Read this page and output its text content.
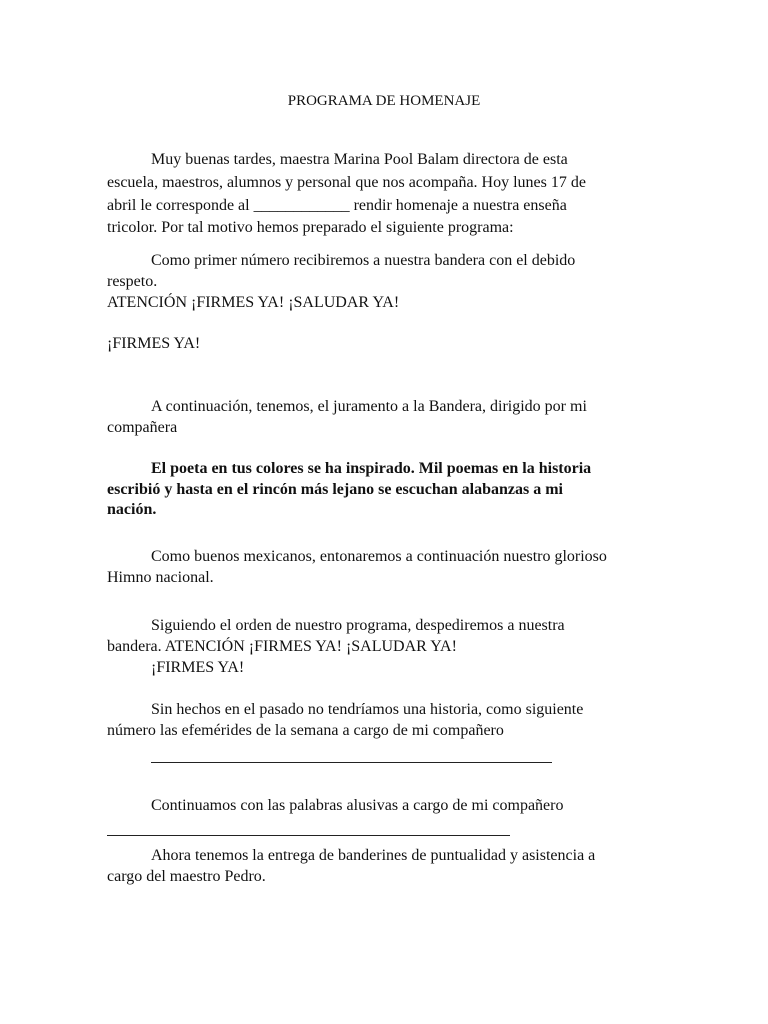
PROGRAMA DE HOMENAJE

Muy buenas tardes, maestra Marina Pool Balam directora de esta

escuela, maestros, alumnos y personal que nos acompaña. Hoy lunes 17 de

abril le corresponde al ____________ rendir homenaje a nuestra enseña

tricolor. Por tal motivo hemos preparado el siguiente programa:

Como primer número recibiremos a nuestra bandera con el debido

respeto.

ATENCIÓN ¡FIRMES YA! ¡SALUDAR YA!

¡FIRMES YA!

A continuación, tenemos, el juramento a la Bandera, dirigido por mi

compañera

El poeta en tus colores se ha inspirado. Mil poemas en la historia

escribió y hasta en el rincón más lejano se escuchan alabanzas a mi

nación.

Como buenos mexicanos, entonaremos a continuación nuestro glorioso

Himno nacional.

Siguiendo el orden de nuestro programa, despediremos a nuestra

bandera. ATENCIÓN ¡FIRMES YA! ¡SALUDAR YA!

¡FIRMES YA!

Sin hechos en el pasado no tendríamos una historia, como siguiente

número las efemérides de la semana a cargo de mi compañero

Continuamos con las palabras alusivas a cargo de mi compañero

Ahora tenemos la entrega de banderines de puntualidad y asistencia a

cargo del maestro Pedro.
